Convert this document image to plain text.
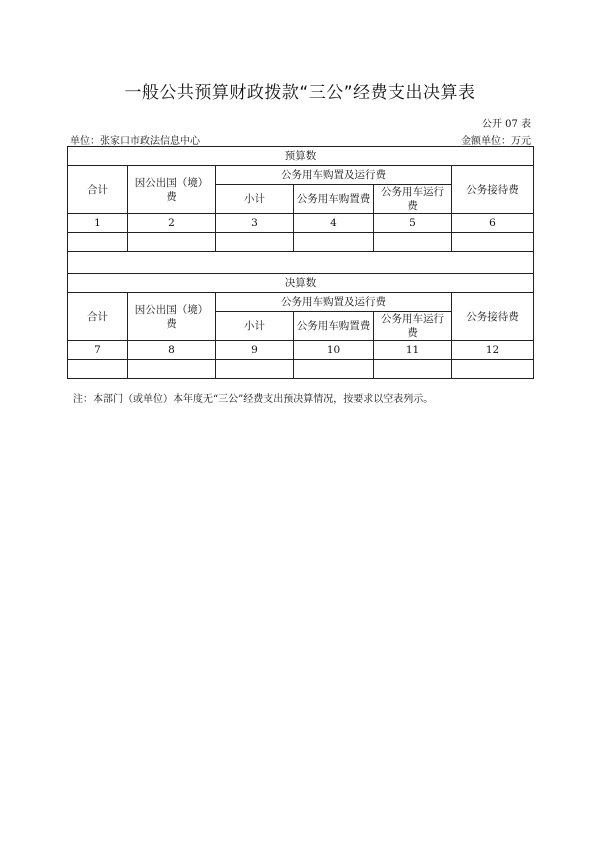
一般公共预算财政拨款“三公”经费支出决算表
公开 07 表
单位：张家口市政法信息中心	金额单位：万元
预算数					
合计	因公出国（境）费	公务用车购置及运行费			公务接待费
		小计	公务用车购置费	公务用车运行费	
1	2	3	4	5	6

决算数					
合计	因公出国（境）费	公务用车购置及运行费			公务接待费
		小计	公务用车购置费	公务用车运行费	
7	8	9	10	11	12

注：本部门（或单位）本年度无“三公”经费支出预决算情况，按要求以空表列示。
